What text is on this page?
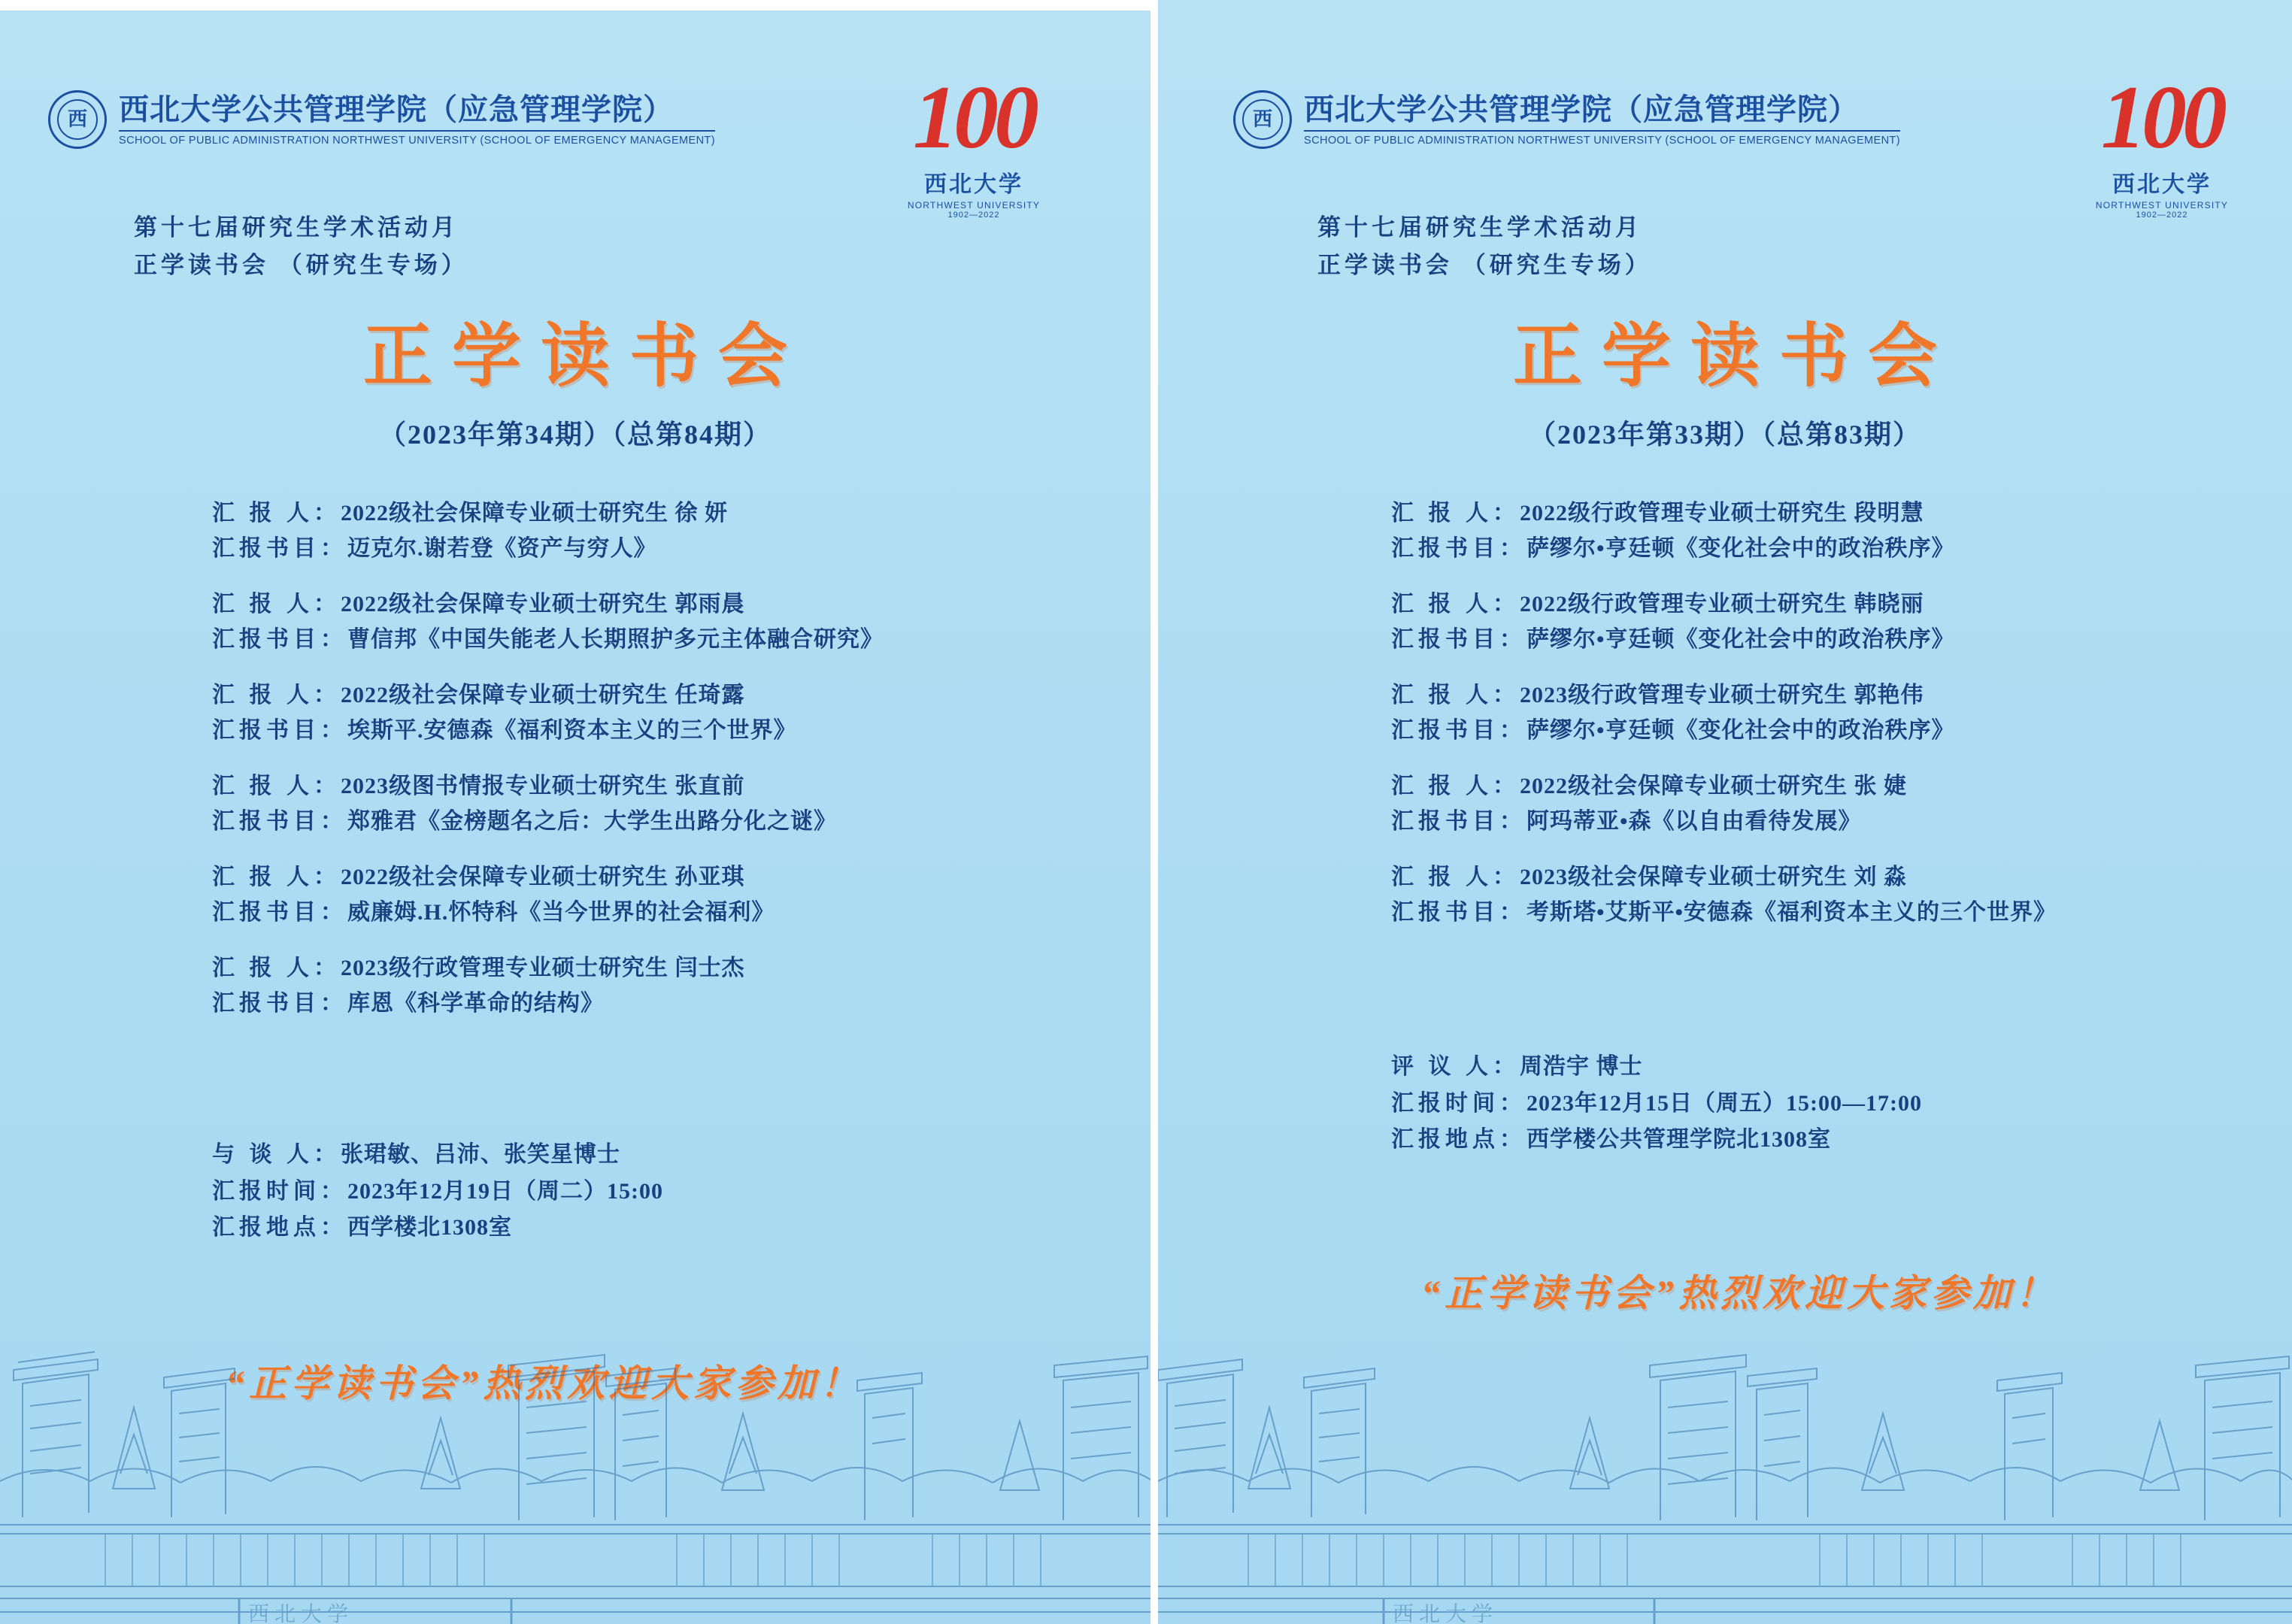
西 西北大学公共管理学院（应急管理学院）
SCHOOL OF PUBLIC ADMINISTRATION NORTHWEST UNIVERSITY (SCHOOL OF EMERGENCY MANAGEMENT)
第十七届研究生学术活动月
正学读书会 （研究生专场）
100
西北大学
NORTHWEST UNIVERSITY
1902—2022
正学读书会
（2023年第34期）（总第84期）
汇 报 人：2022级社会保障专业硕士研究生 徐 妍
汇报书目：迈克尔.谢若登《资产与穷人》
汇 报 人：2022级社会保障专业硕士研究生 郭雨晨
汇报书目：曹信邦《中国失能老人长期照护多元主体融合研究》
汇 报 人：2022级社会保障专业硕士研究生 任琦露
汇报书目：埃斯平.安德森《福利资本主义的三个世界》
汇 报 人：2023级图书情报专业硕士研究生 张直前
汇报书目：郑雅君《金榜题名之后：大学生出路分化之谜》
汇 报 人：2022级社会保障专业硕士研究生 孙亚琪
汇报书目：威廉姆.H.怀特科《当今世界的社会福利》
汇 报 人：2023级行政管理专业硕士研究生 闫士杰
汇报书目：库恩《科学革命的结构》
与 谈 人：张珺敏、吕沛、张笑星博士
汇报时间：2023年12月19日（周二）15:00
汇报地点：西学楼北1308室
“正学读书会”热烈欢迎大家参加！
西 北 大 学
西 西北大学公共管理学院（应急管理学院）
SCHOOL OF PUBLIC ADMINISTRATION NORTHWEST UNIVERSITY (SCHOOL OF EMERGENCY MANAGEMENT)
第十七届研究生学术活动月
正学读书会 （研究生专场）
100
西北大学
NORTHWEST UNIVERSITY
1902—2022
正学读书会
（2023年第33期）（总第83期）
汇 报 人：2022级行政管理专业硕士研究生 段明慧
汇报书目：萨缪尔•亨廷顿《变化社会中的政治秩序》
汇 报 人：2022级行政管理专业硕士研究生 韩晓丽
汇报书目：萨缪尔•亨廷顿《变化社会中的政治秩序》
汇 报 人：2023级行政管理专业硕士研究生 郭艳伟
汇报书目：萨缪尔•亨廷顿《变化社会中的政治秩序》
汇 报 人：2022级社会保障专业硕士研究生 张 婕
汇报书目：阿玛蒂亚•森《以自由看待发展》
汇 报 人：2023级社会保障专业硕士研究生 刘 淼
汇报书目：考斯塔•艾斯平•安德森《福利资本主义的三个世界》
评 议 人：周浩宇 博士
汇报时间：2023年12月15日（周五）15:00—17:00
汇报地点：西学楼公共管理学院北1308室
“正学读书会”热烈欢迎大家参加！
西 北 大 学
